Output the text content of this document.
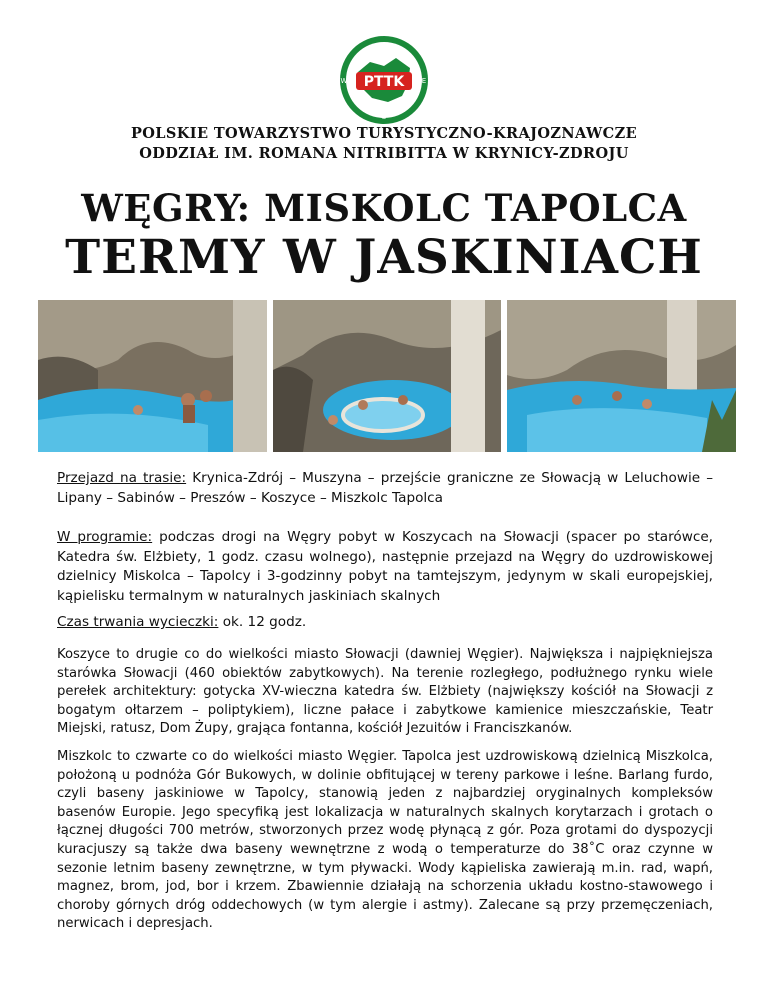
PTTK
N
E
S
W
POLSKIE TOWARZYSTWO TURYSTYCZNO-KRAJOZNAWCZE
ODDZIAŁ IM. ROMANA NITRIBITTA W KRYNICY-ZDROJU
WĘGRY: MISKOLC TAPOLCA
TERMY W JASKINIACH
Przejazd na trasie: Krynica-Zdrój – Muszyna – przejście graniczne ze Słowacją w Leluchowie – Lipany – Sabinów – Preszów – Koszyce – Miszkolc Tapolca
W programie: podczas drogi na Węgry pobyt w Koszycach na Słowacji (spacer po starówce, Katedra św. Elżbiety, 1 godz. czasu wolnego), następnie przejazd na Węgry do uzdrowiskowej dzielnicy Miskolca – Tapolcy i 3-godzinny pobyt na tamtejszym, jedynym w skali europejskiej, kąpielisku termalnym w naturalnych jaskiniach skalnych
Czas trwania wycieczki: ok. 12 godz.
Koszyce to drugie co do wielkości miasto Słowacji (dawniej Węgier). Największa i najpiękniejsza starówka Słowacji (460 obiektów zabytkowych). Na terenie rozległego, podłużnego rynku wiele perełek architektury: gotycka XV-wieczna katedra św. Elżbiety (największy kościół na Słowacji z bogatym ołtarzem – poliptykiem), liczne pałace i zabytkowe kamienice mieszczańskie, Teatr Miejski, ratusz, Dom Żupy, grająca fontanna, kościół Jezuitów i Franciszkanów.
Miszkolc to czwarte co do wielkości miasto Węgier. Tapolca jest uzdrowiskową dzielnicą Miszkolca, położoną u podnóża Gór Bukowych, w dolinie obfitującej w tereny parkowe i leśne. Barlang furdo, czyli baseny jaskiniowe w Tapolcy, stanowią jeden z najbardziej oryginalnych kompleksów basenów Europie. Jego specyfiką jest lokalizacja w naturalnych skalnych korytarzach i grotach o łącznej długości 700 metrów, stworzonych przez wodę płynącą z gór. Poza grotami do dyspozycji kuracjuszy są także dwa baseny wewnętrzne z wodą o temperaturze do 38˚C oraz czynne w sezonie letnim baseny zewnętrzne, w tym pływacki. Wody kąpieliska zawierają m.in. rad, wapń, magnez, brom, jod, bor i krzem. Zbawiennie działają na schorzenia układu kostno-stawowego i choroby górnych dróg oddechowych (w tym alergie i astmy). Zalecane są przy przemęczeniach, nerwicach i depresjach.
